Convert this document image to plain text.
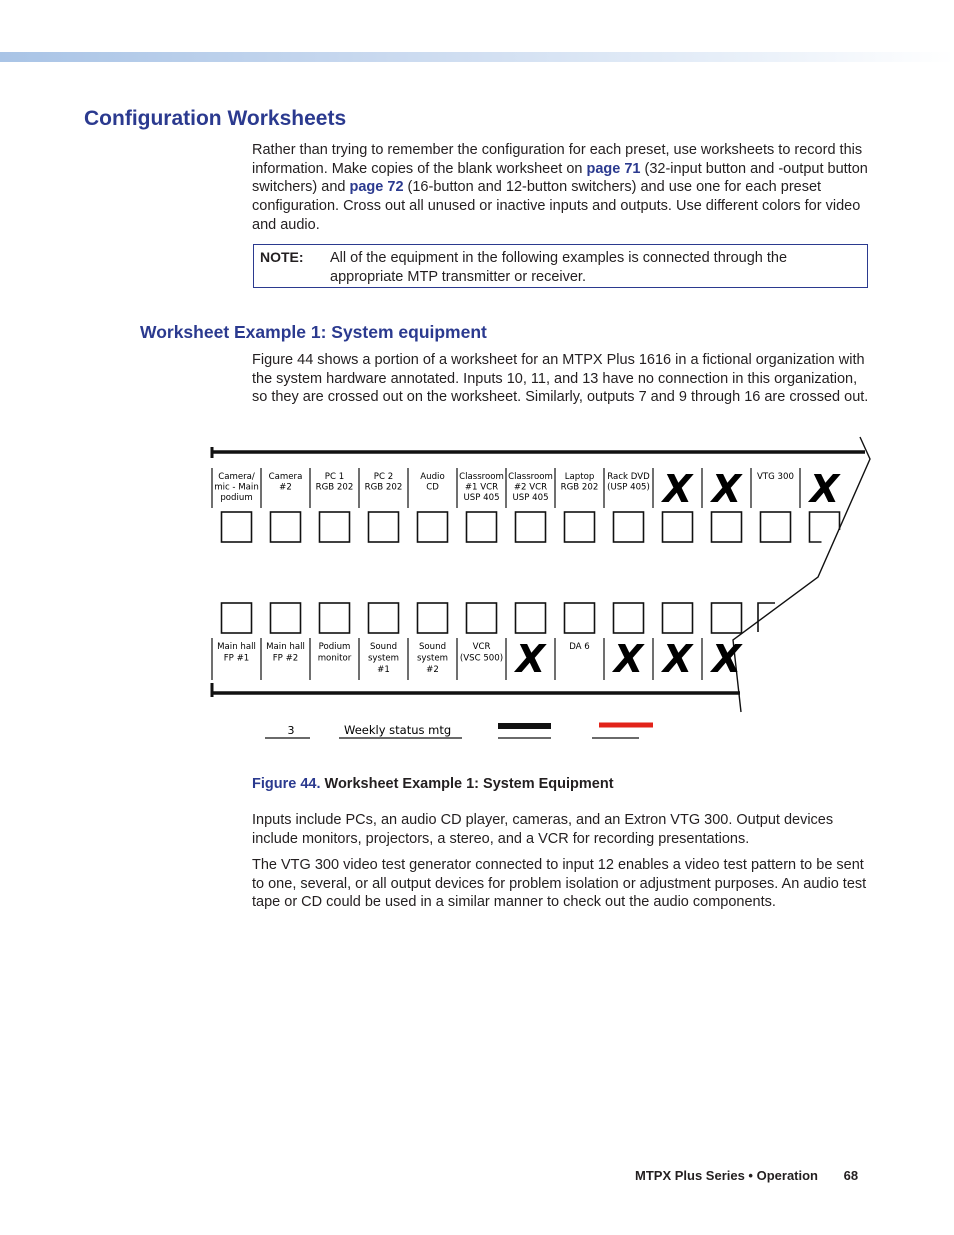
Configuration Worksheets

Rather than trying to remember the configuration for each preset, use worksheets to record this information. Make copies of the blank worksheet on page 71 (32-input button and -output button switchers) and page 72 (16-button and 12-button switchers) and use one for each preset configuration. Cross out all unused or inactive inputs and outputs. Use different colors for video and audio.

NOTE: All of the equipment in the following examples is connected through the appropriate MTP transmitter or receiver.
Worksheet Example 1: System equipment

Figure 44 shows a portion of a worksheet for an MTPX Plus 1616 in a fictional organization with the system hardware annotated. Inputs 10, 11, and 13 have no connection in this organization, so they are crossed out on the worksheet. Similarly, outputs 7 and 9 through 16 are crossed out.

Camera/
mic - Main
podium
Camera
#2
PC 1
RGB 202
PC 2
RGB 202
Audio
CD
Classroom
#1 VCR
USP 405
Classroom
#2 VCR
USP 405
Laptop
RGB 202
Rack DVD
(USP 405) X X VTG 300 X
Main hall
FP #1
Main hall
FP #2
Podium
monitor
Sound
system
#1
Sound
system
#2
VCR
(VSC 500) X	DA 6 X X X
3	Weekly status mtg
Figure 44. Worksheet Example 1: System Equipment

Inputs include PCs, an audio CD player, cameras, and an Extron VTG 300. Output devices include monitors, projectors, a stereo, and a VCR for recording presentations.

The VTG 300 video test generator connected to input 12 enables a video test pattern to be sent to one, several, or all output devices for problem isolation or adjustment purposes. An audio test tape or CD could be used in a similar manner to check out the audio components.

MTPX Plus Series • Operation 68
